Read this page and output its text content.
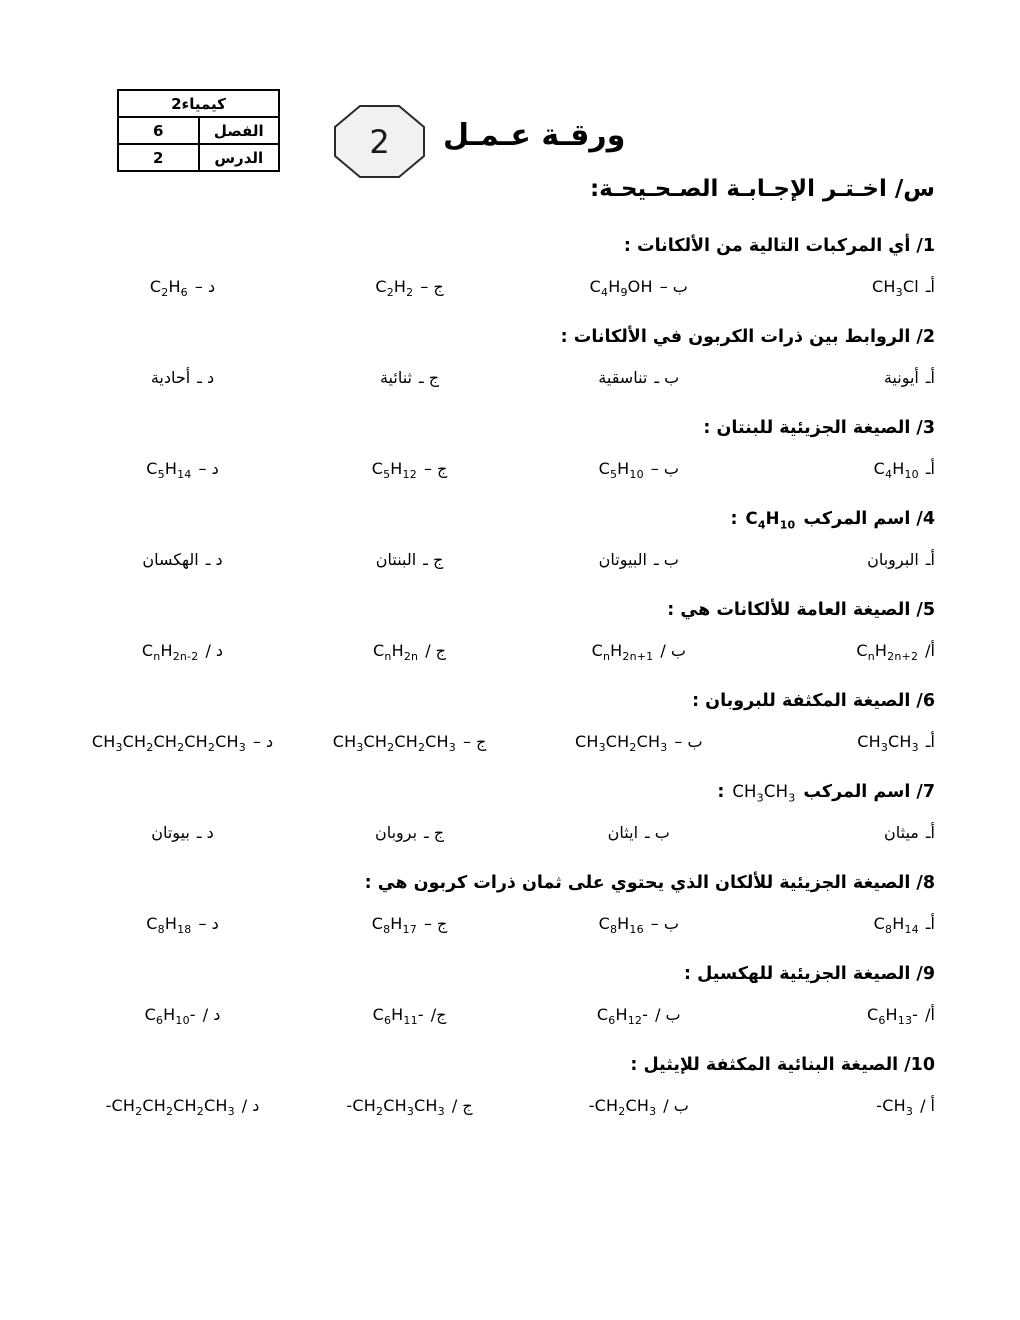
كيمياء2	
الفصل	6
الدرس	2	2	ورقـة عـمـل
س/ اخـتـر الإجـابـة الصـحـيحـة:
1/ أي المركبات التالية من الألكانات :
أـ
$CH_3Cl$
ب –
$C_4H_9OH$
ج –
$C_2H_2$
د –
$C_2H_6$
2/ الروابط بين ذرات الكربون في الألكانات :
أـ
أيونية
ب ـ
تناسقية
ج ـ
ثنائية
د ـ
أحادية
3/ الصيغة الجزيئية للبنتان :
أـ
$C_4H_{10}$
ب –
$C_5H_{10}$
ج –
$C_5H_{12}$
د –
$C_5H_{14}$
4/ اسم المركب
$C_4H_{10}$
:
أـ
البروبان
ب ـ
البيوتان
ج ـ
البنتان
د ـ
الهكسان
5/ الصيغة العامة للألكانات هي :
أ/
$C_nH_{2n+2}$
ب /
$C_nH_{2n+1}$
ج /
$C_nH_{2n}$
د /
$C_nH_{2n-2}$
6/ الصيغة المكثفة للبروبان :
أـ
$CH_3CH_3$
ب –
$CH_3CH_2CH_3$
ج –
$CH_3CH_2CH_2CH_3$
د –
$CH_3CH_2CH_2CH_2CH_3$
7/ اسم المركب
$CH_3CH_3$
:
أـ
ميثان
ب ـ
ايثان
ج ـ
بروبان
د ـ
بيوتان
8/ الصيغة الجزيئية للألكان الذي يحتوي على ثمان ذرات كربون هي :
أـ
$C_8H_{14}$
ب –
$C_8H_{16}$
ج –
$C_8H_{17}$
د –
$C_8H_{18}$
9/ الصيغة الجزيئية للهكسيل :
أ/
$C_6H_{13}-$
ب /
$C_6H_{12}-$
ج/
$C_6H_{11}-$
د /
$C_6H_{10}-$
10/ الصيغة البنائية المكثفة للإيثيل :
أ /
$-CH_3$
ب /
$-CH_2CH_3$
ج /
$-CH_2CH_3CH_3$
د /
$-CH_2CH_2CH_2CH_3$
